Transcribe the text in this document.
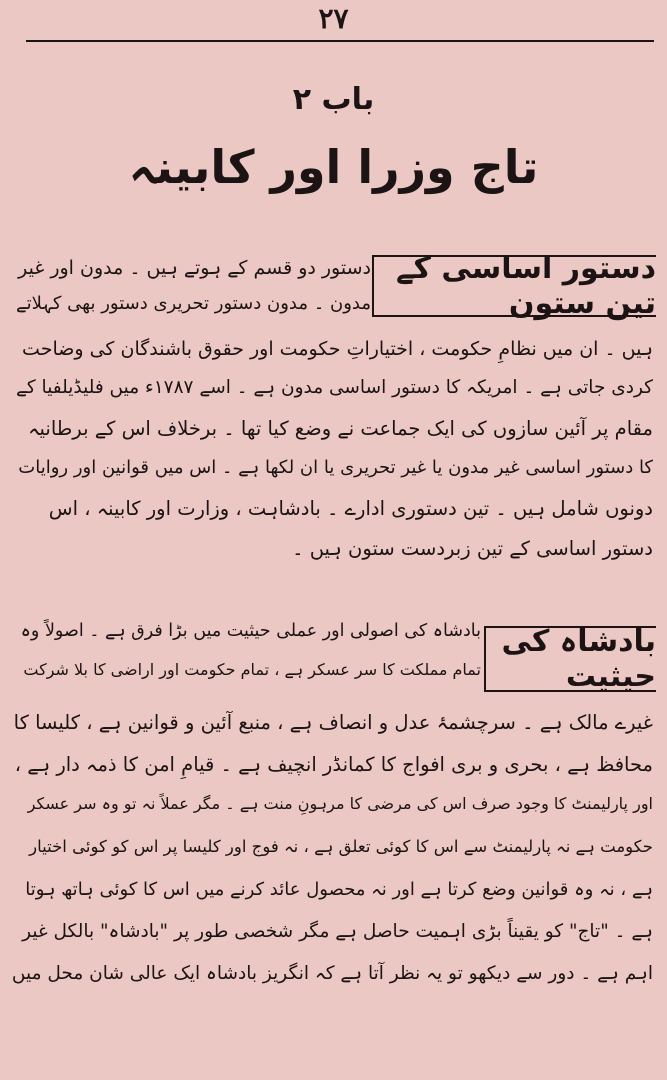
۲۷
باب ۲
تاج وزرا اور کابینہ
دستور اساسی کے تین ستون
دستور دو قسم کے ہوتے ہیں ۔ مدون اور غیر
مدون ۔ مدون دستور تحریری دستور بھی کہلاتے
ہیں ۔ ان میں نظامِ حکومت ، اختیاراتِ حکومت اور حقوق باشندگان کی وضاحت
کردی جاتی ہے ۔ امریکہ کا دستور اساسی مدون ہے ۔ اسے ۱۷۸۷ء میں فلیڈیلفیا کے
مقام پر آئین سازوں کی ایک جماعت نے وضع کیا تھا ۔ برخلاف اس کے برطانیہ
کا دستور اساسی غیر مدون یا غیر تحریری یا ان لکھا ہے ۔ اس میں قوانین اور روایات
دونوں شامل ہیں ۔ تین دستوری ادارے ۔ بادشاہت ، وزارت اور کابینہ ، اس
دستور اساسی کے تین زبردست ستون ہیں ۔
بادشاہ کی حیثیت
بادشاہ کی اصولی اور عملی حیثیت میں بڑا فرق ہے ۔ اصولاً وہ
تمام مملکت کا سر عسکر ہے ، تمام حکومت اور اراضی کا بلا شرکت
غیرے مالک ہے ۔ سرچشمۂ عدل و انصاف ہے ، منبع آئین و قوانین ہے ، کلیسا کا
محافظ ہے ، بحری و بری افواج کا کمانڈر انچیف ہے ۔ قیامِ امن کا ذمہ دار ہے ،
اور پارلیمنٹ کا وجود صرف اس کی مرضی کا مرہونِ منت ہے ۔ مگر عملاً نہ تو وہ سر عسکر
حکومت ہے نہ پارلیمنٹ سے اس کا کوئی تعلق ہے ، نہ فوج اور کلیسا پر اس کو کوئی اختیار
ہے ، نہ وہ قوانین وضع کرتا ہے اور نہ محصول عائد کرنے میں اس کا کوئی ہاتھ ہوتا
ہے ۔ "تاج" کو یقیناً بڑی اہمیت حاصل ہے مگر شخصی طور پر "بادشاہ" بالکل غیر
اہم ہے ۔ دور سے دیکھو تو یہ نظر آتا ہے کہ انگریز بادشاہ ایک عالی شان محل میں
